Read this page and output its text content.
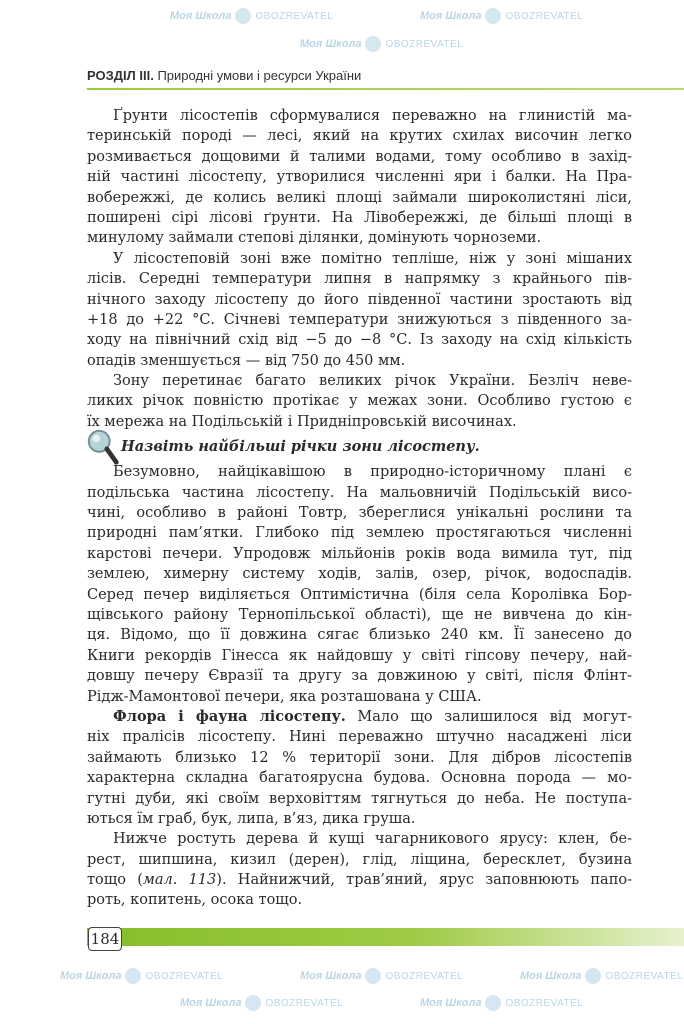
Моя Школа OBOZREVATEL	Моя Школа OBOZREVATEL
Моя Школа OBOZREVATEL
Моя Школа OBOZREVATEL	Моя Школа OBOZREVATEL	Моя Школа OBOZREVATEL
Моя Школа OBOZREVATEL	Моя Школа OBOZREVATEL
РОЗДІЛ III. Природні умови і ресурси України
Ґрунти лісостепів сформувалися переважно на глинистій ма-
теринській породі — лесі, який на крутих схилах височин легко
розмивається дощовими й талими водами, тому особливо в захід-
ній частині лісостепу, утворилися численні яри і балки. На Пра-
вобережжі, де колись великі площі займали широколистяні ліси,
поширені сірі лісові ґрунти. На Лівобережжі, де більші площі в
минулому займали степові ділянки, домінують чорноземи.
У лісостеповій зоні вже помітно тепліше, ніж у зоні мішаних
лісів. Середні температури липня в напрямку з крайнього пів-
нічного заходу лісостепу до його південної частини зростають від
+18 до +22 °С. Січневі температури знижуються з південного за-
ходу на північний схід від −5 до −8 °С. Із заходу на схід кількість
опадів зменшується — від 750 до 450 мм.
Зону перетинає багато великих річок України. Безліч неве-
ликих річок повністю протікає у межах зони. Особливо густою є
їх мережа на Подільській і Придніпровській височинах.
Назвіть найбільші річки зони лісостепу.
Безумовно, найцікавішою в природно-історичному плані є
подільська частина лісостепу. На мальовничій Подільській висо-
чині, особливо в районі Товтр, збереглися унікальні рослини та
природні пам’ятки. Глибоко під землею простягаються численні
карстові печери. Упродовж мільйонів років вода вимила тут, під
землею, химерну систему ходів, залів, озер, річок, водоспадів.
Серед печер виділяється Оптимістична (біля села Королівка Бор-
щівського району Тернопільської області), ще не вивчена до кін-
ця. Відомо, що її довжина сягає близько 240 км. Її занесено до
Книги рекордів Гінесса як найдовшу у світі гіпсову печеру, най-
довшу печеру Євразії та другу за довжиною у світі, після Флінт-
Рідж-Мамонтової печери, яка розташована у США.
Флора і фауна лісостепу. Мало що залишилося від могут-
ніх пралісів лісостепу. Нині переважно штучно насаджені ліси
займають близько 12 % території зони. Для дібров лісостепів
характерна складна багатоярусна будова. Основна порода — мо-
гутні дуби, які своїм верховіттям тягнуться до неба. Не поступа-
ються їм граб, бук, липа, в’яз, дика груша.
Нижче ростуть дерева й кущі чагарникового ярусу: клен, бе-
рест, шипшина, кизил (дерен), глід, ліщина, бересклет, бузина
тощо (мал. 113). Найнижчий, трав’яний, ярус заповнюють папо-
роть, копитень, осока тощо.
184
